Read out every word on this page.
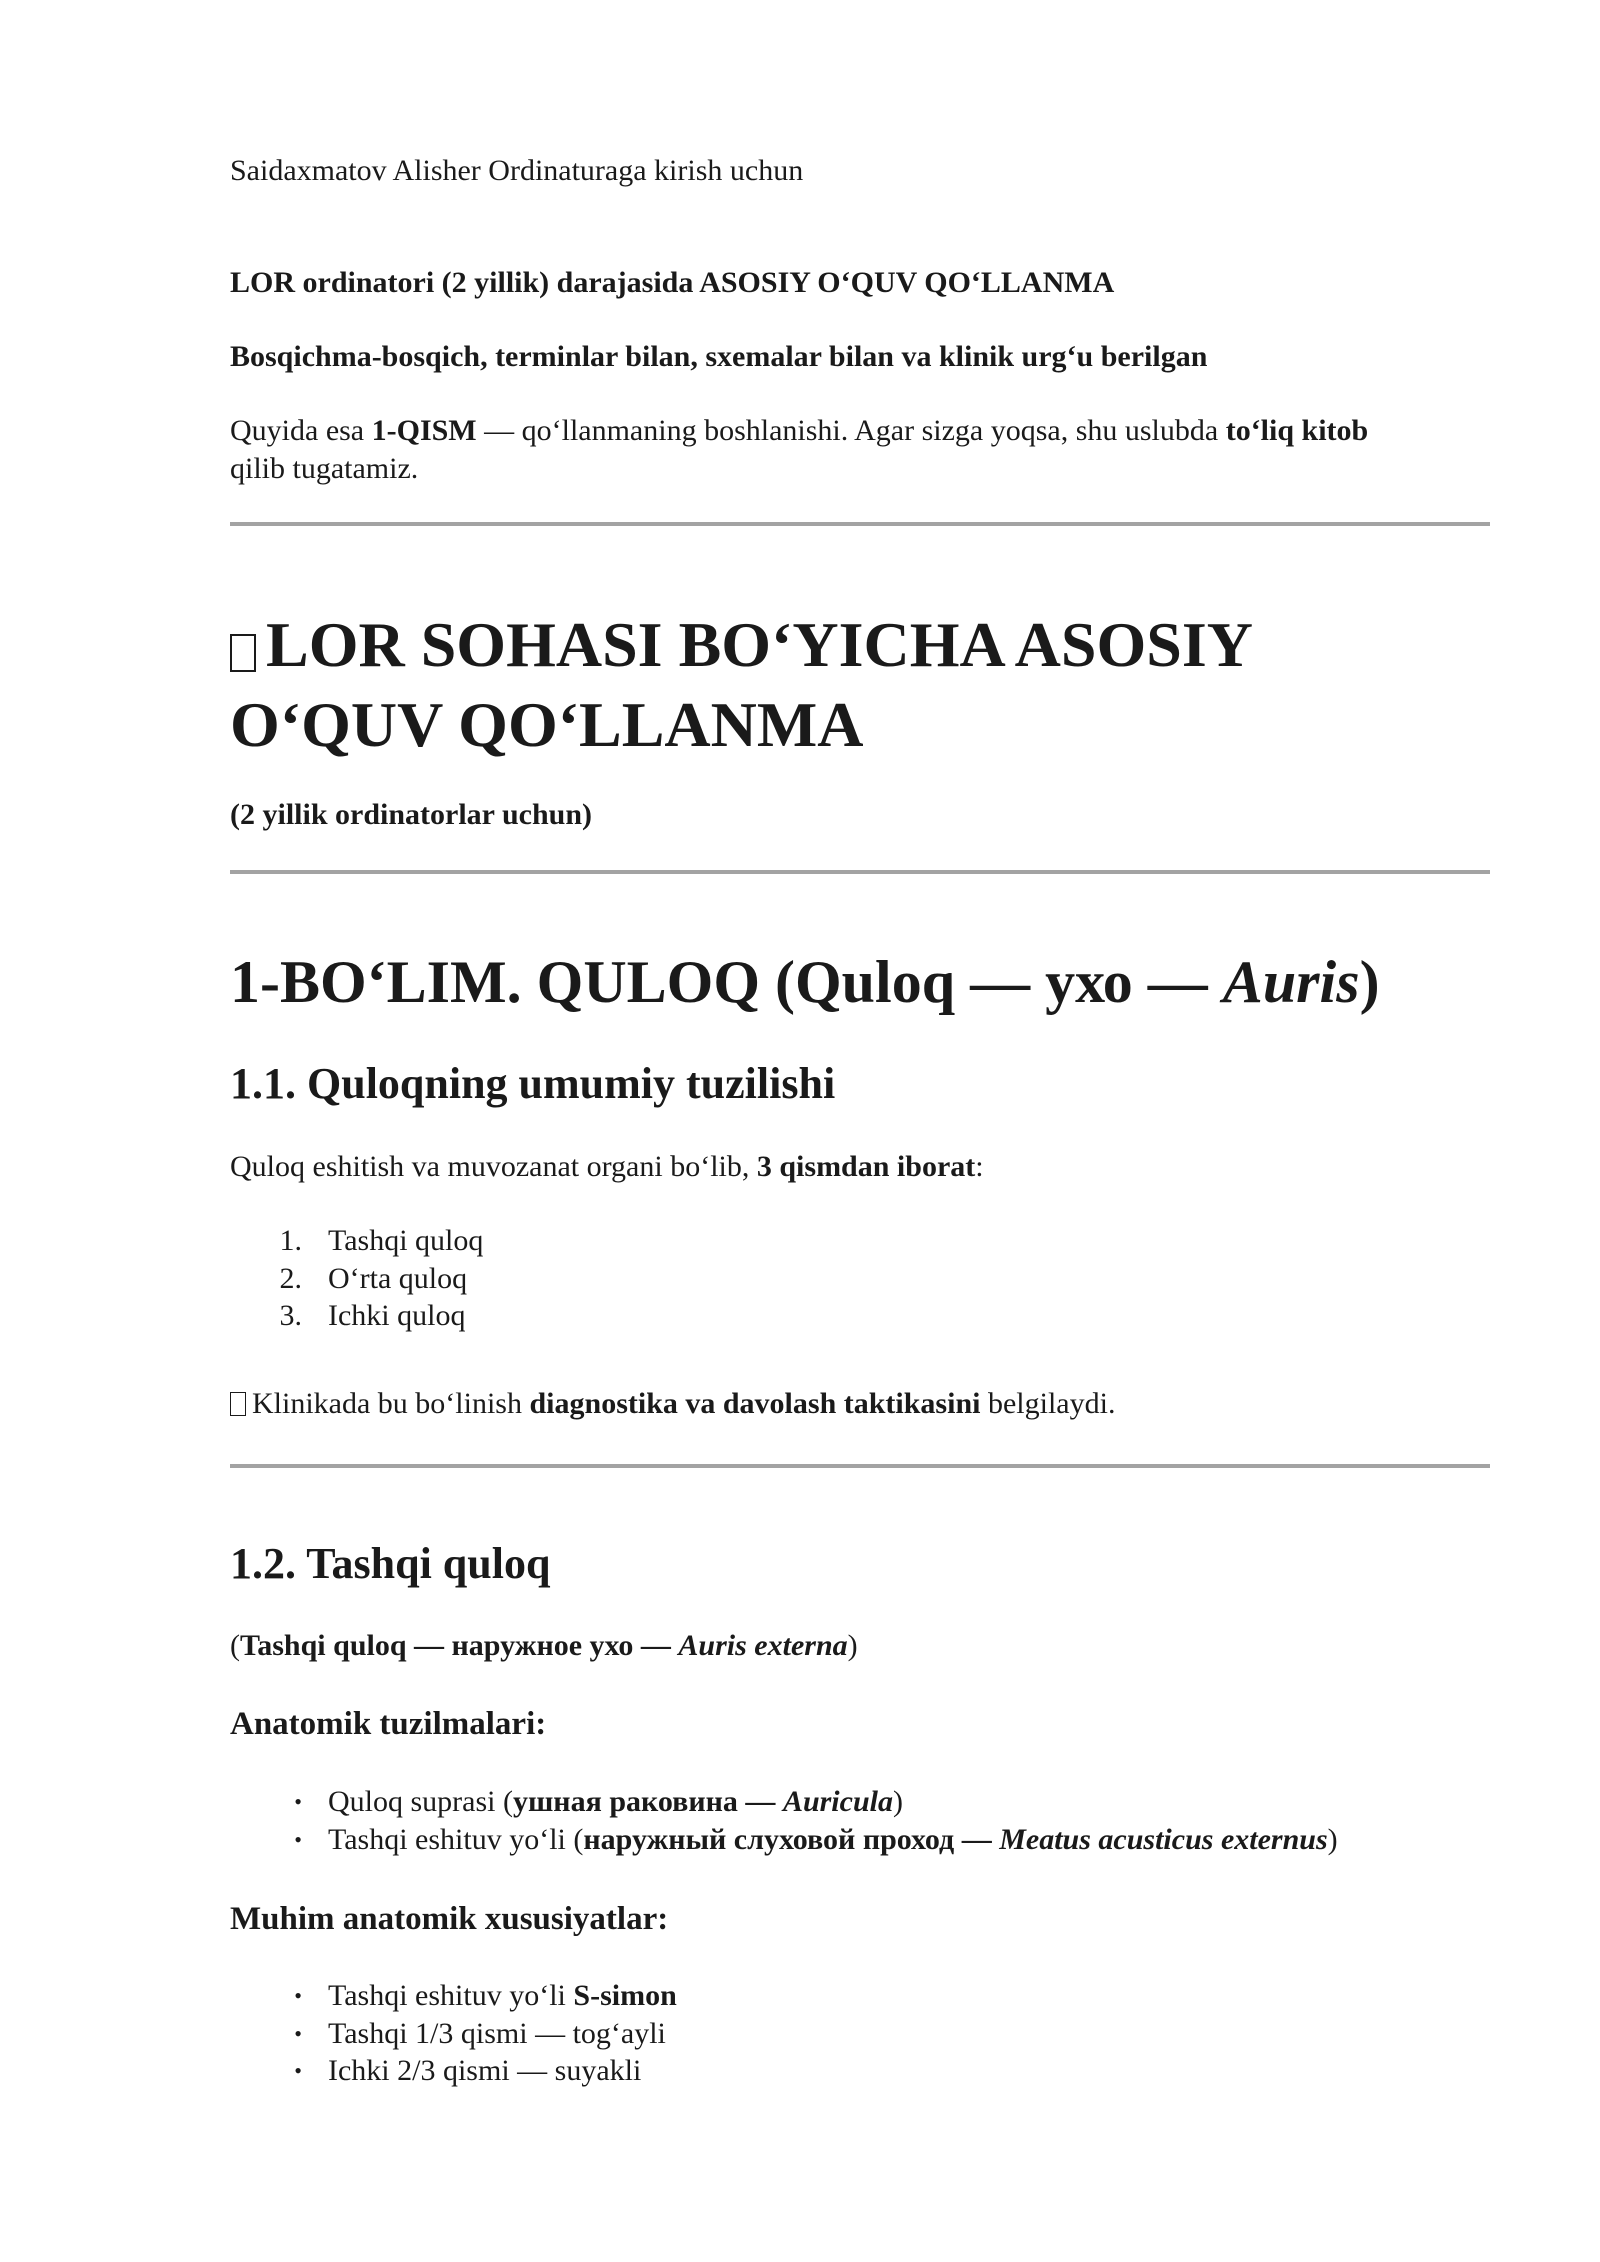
Saidaxmatov Alisher Ordinaturaga kirish uchun

LOR ordinatori (2 yillik) darajasida ASOSIY OʻQUV QOʻLLANMA

Bosqichma-bosqich, terminlar bilan, sxemalar bilan va klinik urgʻu berilgan

Quyida esa 1-QISM — qoʻllanmaning boshlanishi. Agar sizga yoqsa, shu uslubda toʻliq kitob

qilib tugatamiz.

LOR SOHASI BOʻYICHA ASOSIY
OʻQUV QOʻLLANMA

(2 yillik ordinatorlar uchun)

1-BOʻLIM. QULOQ (Quloq — ухо — Auris)
1.1. Quloqning umumiy tuzilishi

Quloq eshitish va muvozanat organi boʻlib, 3 qismdan iborat:

1. Tashqi quloq
2. Oʻrta quloq
3. Ichki quloq

Klinikada bu boʻlinish diagnostika va davolash taktikasini belgilaydi.

1.2. Tashqi quloq

(Tashqi quloq — наружное ухо — Auris externa)

Anatomik tuzilmalari:
• Quloq suprasi (ушная раковина — Auricula)
• Tashqi eshituv yoʻli (наружный слуховой проход — Meatus acusticus externus)
Muhim anatomik xususiyatlar:
• Tashqi eshituv yoʻli S-simon
• Tashqi 1/3 qismi — togʻayli
• Ichki 2/3 qismi — suyakli
